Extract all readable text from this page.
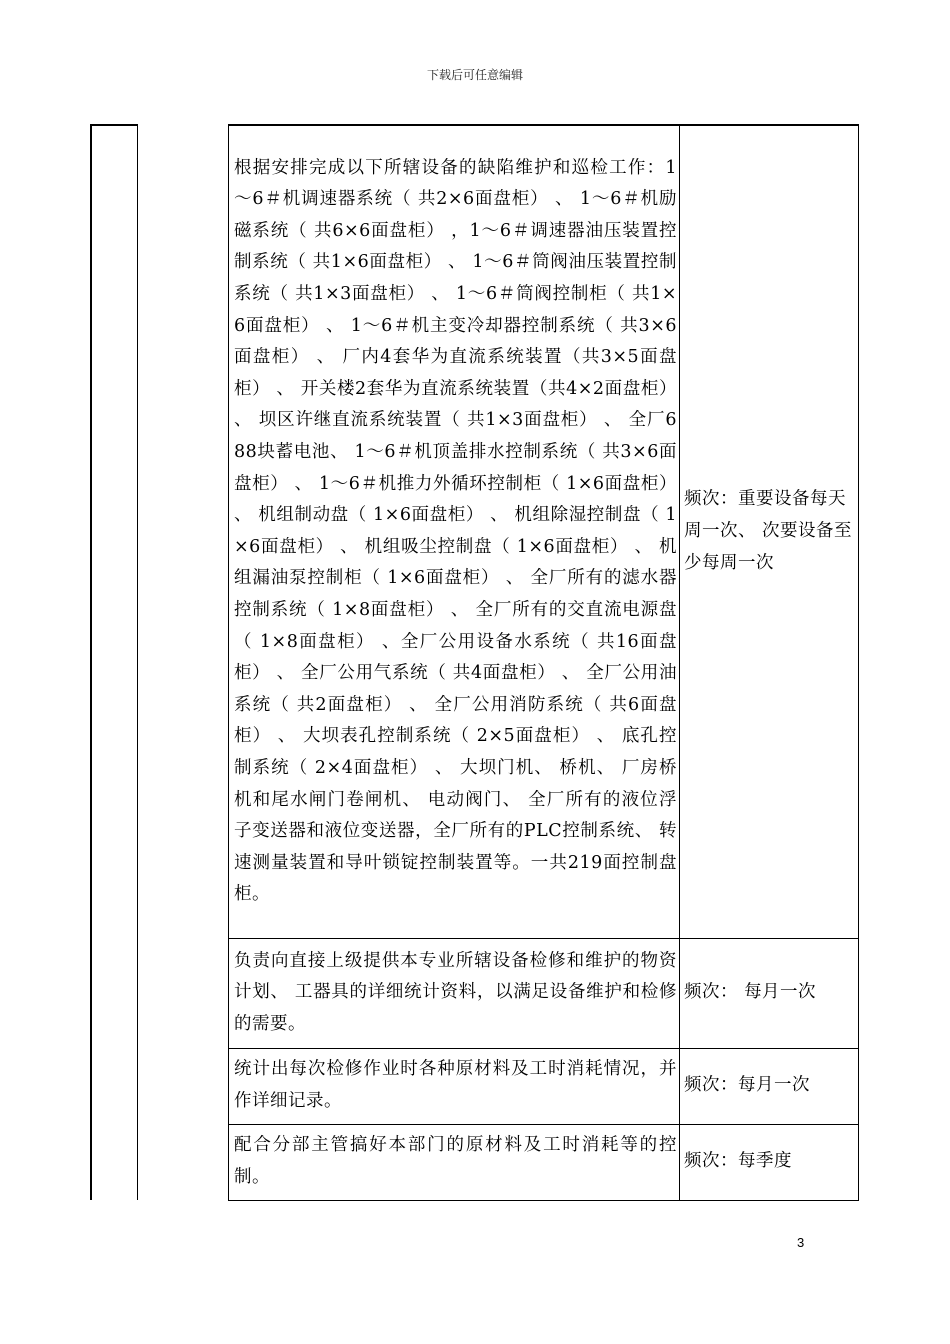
下载后可任意编辑
根据安排完成以下所辖设备的缺陷维护和巡检工作：1～6＃机调速器系统（ 共2×6面盘柜） 、 1～6＃机励磁系统（ 共6×6面盘柜） ，1～6＃调速器油压装置控制系统（ 共1×6面盘柜） 、 1～6＃筒阀油压装置控制系统（ 共1×3面盘柜） 、 1～6＃筒阀控制柜（ 共1×6面盘柜） 、 1～6＃机主变冷却器控制系统（ 共3×6面盘柜） 、 厂内4套华为直流系统装置（共3×5面盘柜） 、 开关楼2套华为直流系统装置（共4×2面盘柜） 、 坝区许继直流系统装置（ 共1×3面盘柜） 、 全厂688块蓄电池、 1～6＃机顶盖排水控制系统（ 共3×6面盘柜） 、 1～6＃机推力外循环控制柜（ 1×6面盘柜） 、 机组制动盘（ 1×6面盘柜） 、 机组除湿控制盘（ 1×6面盘柜） 、 机组吸尘控制盘（ 1×6面盘柜） 、 机组漏油泵控制柜（ 1×6面盘柜） 、 全厂所有的滤水器控制系统（ 1×8面盘柜） 、 全厂所有的交直流电源盘（ 1×8面盘柜） 、全厂公用设备水系统（ 共16面盘柜） 、 全厂公用气系统（ 共4面盘柜） 、 全厂公用油系统（ 共2面盘柜） 、 全厂公用消防系统（ 共6面盘柜） 、 大坝表孔控制系统（ 2×5面盘柜） 、 底孔控制系统（ 2×4面盘柜） 、 大坝门机、 桥机、 厂房桥机和尾水闸门卷闸机、 电动阀门、 全厂所有的液位浮子变送器和液位变送器，全厂所有的PLC控制系统、 转速测量装置和导叶锁锭控制装置等。一共219面控制盘柜。	频次：重要设备每天周一次、 次要设备至少每周一次

负责向直接上级提供本专业所辖设备检修和维护的物资计划、 工器具的详细统计资料，以满足设备维护和检修的需要。	频次： 每月一次

统计出每次检修作业时各种原材料及工时消耗情况，并作详细记录。	频次：每月一次

配合分部主管搞好本部门的原材料及工时消耗等的控制。	频次：每季度
3
